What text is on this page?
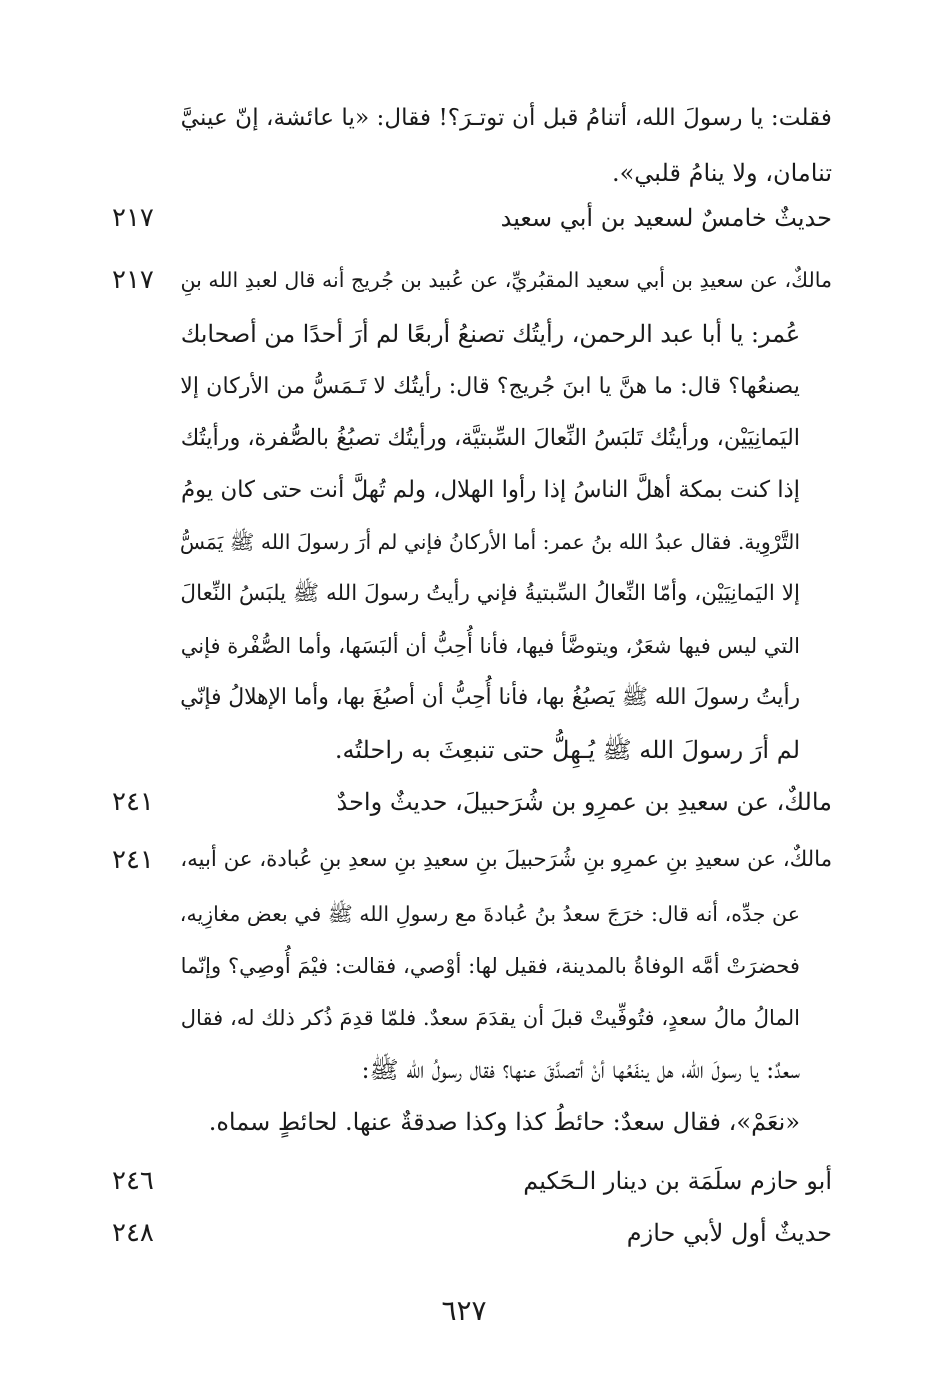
فقلت: يا رسولَ الله، أتنامُ قبل أن توتـرَ؟! فقال: «يا عائشة، إنّ عينيَّ
تنامان، ولا ينامُ قلبي».
حديثٌ خامسٌ لسعيد بن أبي سعيد
٢١٧
مالكٌ، عن سعيدِ بن أبي سعيد المقبُريِّ، عن عُبيد بن جُريج أنه قال لعبدِ الله بنِ
٢١٧
عُمر: يا أبا عبد الرحمن، رأيتُك تصنعُ أربعًا لم أرَ أحدًا من أصحابك
يصنعُها؟ قال: ما هنَّ يا ابنَ جُريج؟ قال: رأيتُك لا تَـمَسُّ من الأركان إلا
اليَمانِيَيْن، ورأيتُك تَلبَسُ النِّعالَ السِّبتيَّة، ورأيتُك تصبُغُ بالصُّفرة، ورأيتُك
إذا كنت بمكة أهلَّ الناسُ إذا رأوا الهلال، ولم تُهلَّ أنت حتى كان يومُ
التَّرْوِية. فقال عبدُ الله بنُ عمر: أما الأركانُ فإني لم أرَ رسولَ الله ﷺ يَمَسُّ
إلا اليَمانِيَيْن، وأمّا النِّعالُ السِّبتيةُ فإني رأيتُ رسولَ الله ﷺ يلبَسُ النِّعالَ
التي ليس فيها شعَرٌ، ويتوضَّأ فيها، فأنا أُحِبُّ أن ألبَسَها، وأما الصُّفْرة فإني
رأيتُ رسولَ الله ﷺ يَصبُغُ بها، فأنا أُحِبُّ أن أصبُغَ بها، وأما الإهلالُ فإنّي
لم أرَ رسولَ الله ﷺ يُـهِلُّ حتى تنبعِثَ به راحلتُه.
مالكٌ، عن سعيدِ بن عمرِو بن شُرَحبيلَ، حديثٌ واحدٌ
٢٤١
مالكٌ، عن سعيدِ بنِ عمرِو بنِ شُرَحبيلَ بنِ سعيدِ بنِ سعدِ بنِ عُبادة، عن أبيه،
٢٤١
عن جدِّه، أنه قال: خرَجَ سعدُ بنُ عُبادةَ مع رسولِ الله ﷺ في بعض مغازِيه،
فحضرَتْ أمَّه الوفاةُ بالمدينة، فقيل لها: أوْصي، فقالت: فيْمَ أُوصِي؟ وإنّما
المالُ مالُ سعدٍ، فتُوفِّيتْ قبلَ أن يقدَمَ سعدٌ. فلمّا قدِمَ ذُكر ذلك له، فقال
سعدٌ: يا رسولَ الله، هل ينفَعُها أنْ أتصدَّقَ عنها؟ فقال رسولُ الله ﷺ:
«نعَمْ»، فقال سعدٌ: حائطُ كذا وكذا صدقةٌ عنها. لحائطٍ سماه.
أبو حازم سلَمَة بن دينار الـحَكيم
٢٤٦
حديثٌ أول لأبي حازم
٢٤٨
٦٢٧
